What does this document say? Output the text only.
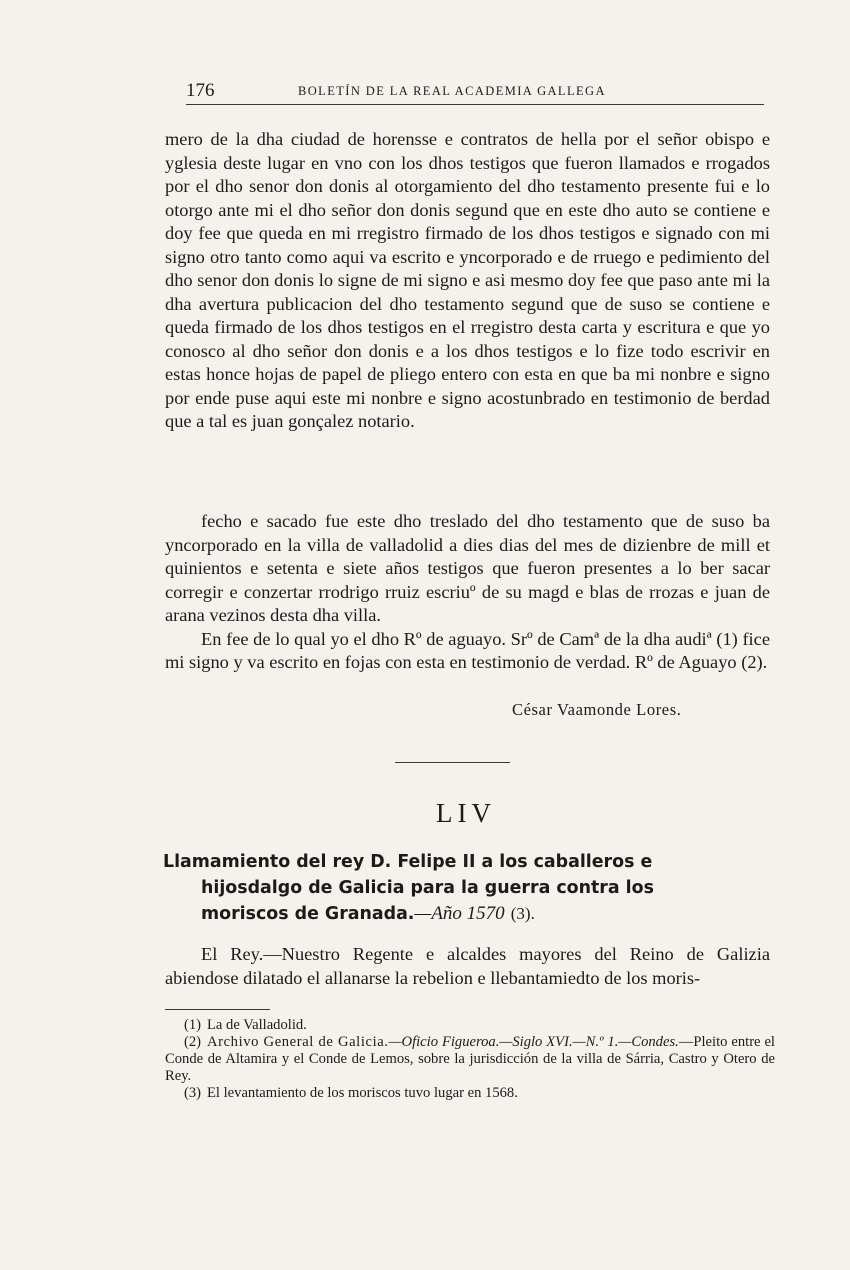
176	BOLETÍN DE LA REAL ACADEMIA GALLEGA

mero de la dha ciudad de horensse e contratos de hella por el señor obispo e yglesia deste lugar en vno con los dhos testigos que fueron llamados e rrogados por el dho senor don donis al otorgamiento del dho testamento presente fui e lo otorgo ante mi el dho señor don donis segund que en este dho auto se contiene e doy fee que queda en mi rregistro firmado de los dhos testigos e signado con mi signo otro tanto como aqui va escrito e yncorporado e de rruego e pedimiento del dho senor don donis lo signe de mi signo e asi mesmo doy fee que paso ante mi la dha avertura publicacion del dho testamento segund que de suso se contiene e queda firmado de los dhos testigos en el rregistro desta carta y escritura e que yo conosco al dho señor don donis e a los dhos testigos e lo fize todo escrivir en estas honce hojas de papel de pliego entero con esta en que ba mi nonbre e signo por ende puse aqui este mi nonbre e signo acostunbrado en testimonio de berdad que a tal es juan gonçalez notario.

fecho e sacado fue este dho treslado del dho testamento que de suso ba yncorporado en la villa de valladolid a dies dias del mes de dizienbre de mill et quinientos e setenta e siete años testigos que fueron presentes a lo ber sacar corregir e conzertar rrodrigo rruiz escriuº de su magd e blas de rrozas e juan de arana vezinos desta dha villa.

En fee de lo qual yo el dho Rº de aguayo. Srº de Camª de la dha audiª (1) fice mi signo y va escrito en fojas con esta en testimonio de verdad. Rº de Aguayo (2).

César Vaamonde Lores.
LIV
Llamamiento del rey D. Felipe II a los caballeros e
hijosdalgo de Galicia para la guerra contra los
moriscos de Granada.—Año 1570 (3).

El Rey.—Nuestro Regente e alcaldes mayores del Reino de Galizia abiendose dilatado el allanarse la rebelion e llebantamiedto de los moris-

(1) La de Valladolid.

(2) Archivo General de Galicia.—Oficio Figueroa.—Siglo XVI.—N.º 1.—Condes.—Pleito entre el Conde de Altamira y el Conde de Lemos, sobre la jurisdicción de la villa de Sárria, Castro y Otero de Rey.

(3) El levantamiento de los moriscos tuvo lugar en 1568.
